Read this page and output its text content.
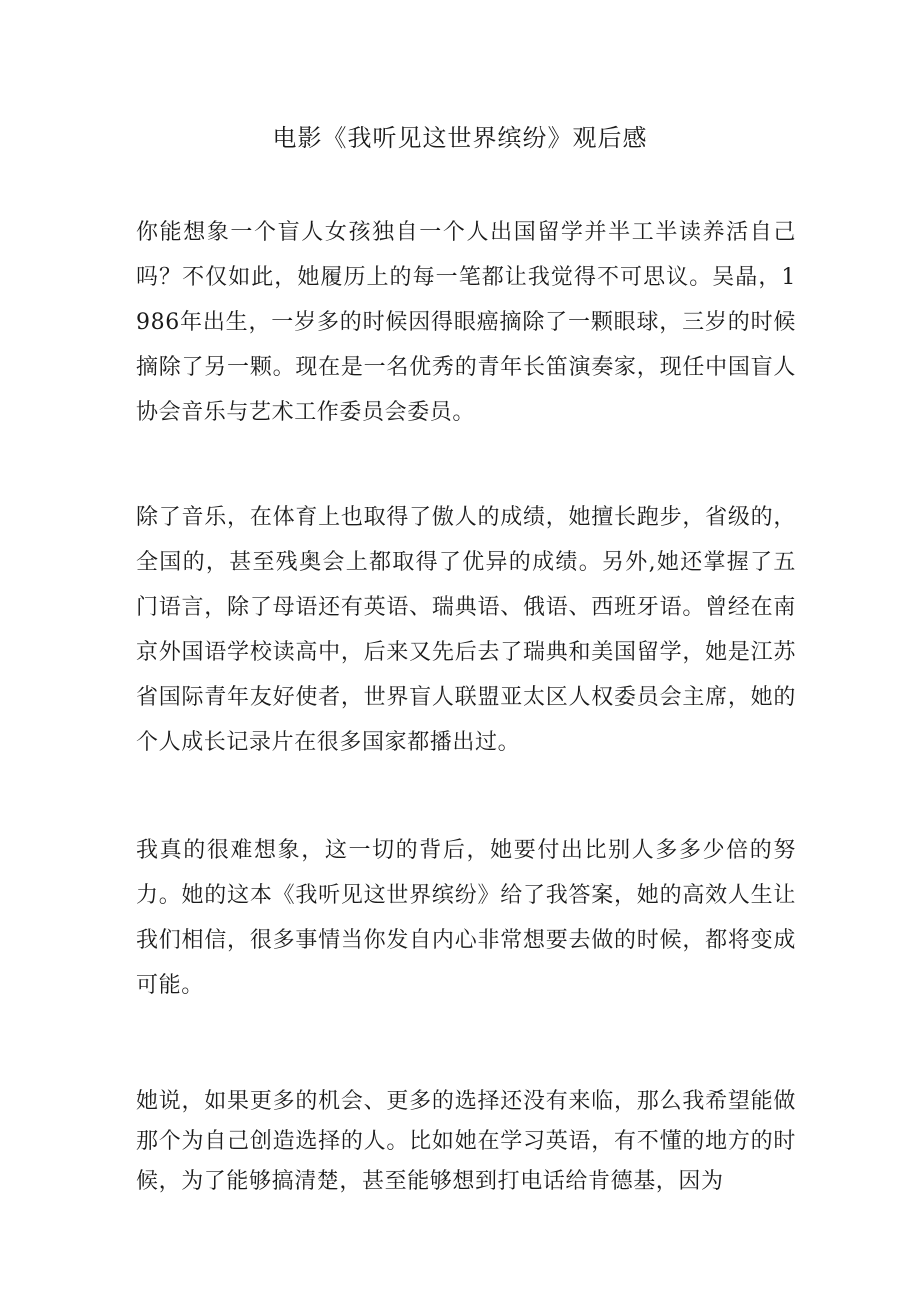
电影《我听见这世界缤纷》观后感

你能想象一个盲人女孩独自一个人出国留学并半工半读养活自己吗？不仅如此，她履历上的每一笔都让我觉得不可思议。吴晶，1986年出生，一岁多的时候因得眼癌摘除了一颗眼球，三岁的时候摘除了另一颗。现在是一名优秀的青年长笛演奏家，现任中国盲人协会音乐与艺术工作委员会委员。

除了音乐，在体育上也取得了傲人的成绩，她擅长跑步，省级的，全国的，甚至残奥会上都取得了优异的成绩。另外,她还掌握了五门语言，除了母语还有英语、瑞典语、俄语、西班牙语。曾经在南京外国语学校读高中，后来又先后去了瑞典和美国留学，她是江苏省国际青年友好使者，世界盲人联盟亚太区人权委员会主席，她的个人成长记录片在很多国家都播出过。

我真的很难想象，这一切的背后，她要付出比别人多多少倍的努力。她的这本《我听见这世界缤纷》给了我答案，她的高效人生让我们相信，很多事情当你发自内心非常想要去做的时候，都将变成可能。

她说，如果更多的机会、更多的选择还没有来临，那么我希望能做那个为自己创造选择的人。比如她在学习英语，有不懂的地方的时候，为了能够搞清楚，甚至能够想到打电话给肯德基，因为
